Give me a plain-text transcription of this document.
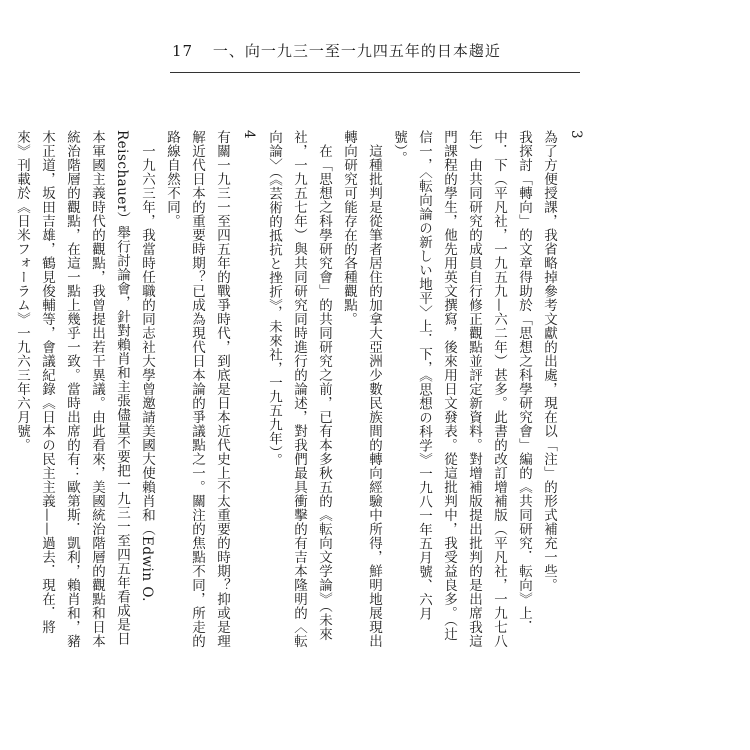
17 一、向一九三一至一九四五年的日本趨近
3

為了方便授課，我省略掉參考文獻的出處，現在以「注」的形式補充一些。

我探討「轉向」的文章得助於「思想之科學研究會」編的《共同研究．転向》上．中．下（平凡社，一九五九—六二年）甚多。此書的改訂增補版（平凡社，一九七八年）由共同研究的成員自行修正觀點並評定新資料。對增補版提出批判的是出席我這門課程的學生，他先用英文撰寫，後來用日文發表。從這批判中，我受益良多。（辻信一，〈転向論の新しい地平〉上．下，《思想の科学》一九八一年五月號、六月號）。

這種批判是從筆者居住的加拿大亞洲少數民族間的轉向經驗中所得，鮮明地展現出轉向研究可能存在的各種觀點。

在「思想之科學研究會」的共同研究之前，已有本多秋五的《転向文学論》（未來社，一九五七年）與共同研究同時進行的論述，對我們最具衝擊的有吉本隆明的〈転向論〉（《芸術的抵抗と挫折》，未來社，一九五九年）。

4

有關一九三一至四五年的戰爭時代，到底是日本近代史上不太重要的時期？抑或是理解近代日本的重要時期？已成為現代日本論的爭議點之一。關注的焦點不同，所走的路線自然不同。

一九六三年，我當時任職的同志社大學曾邀請美國大使賴肖和（Edwin O. Reischauer）舉行討論會，針對賴肖和主張儘量不要把一九三一至四五年看成是日本軍國主義時代的觀點，我曾提出若干異議。由此看來，美國統治階層的觀點和日本統治階層的觀點，在這一點上幾乎一致。當時出席的有：歐第斯．凱利，賴肖和，豬木正道，坂田吉雄，鶴見俊輔等，會議紀錄《日本の民主主義——過去．現在．將來》刊載於《日米フォーラム》一九六三年六月號。
